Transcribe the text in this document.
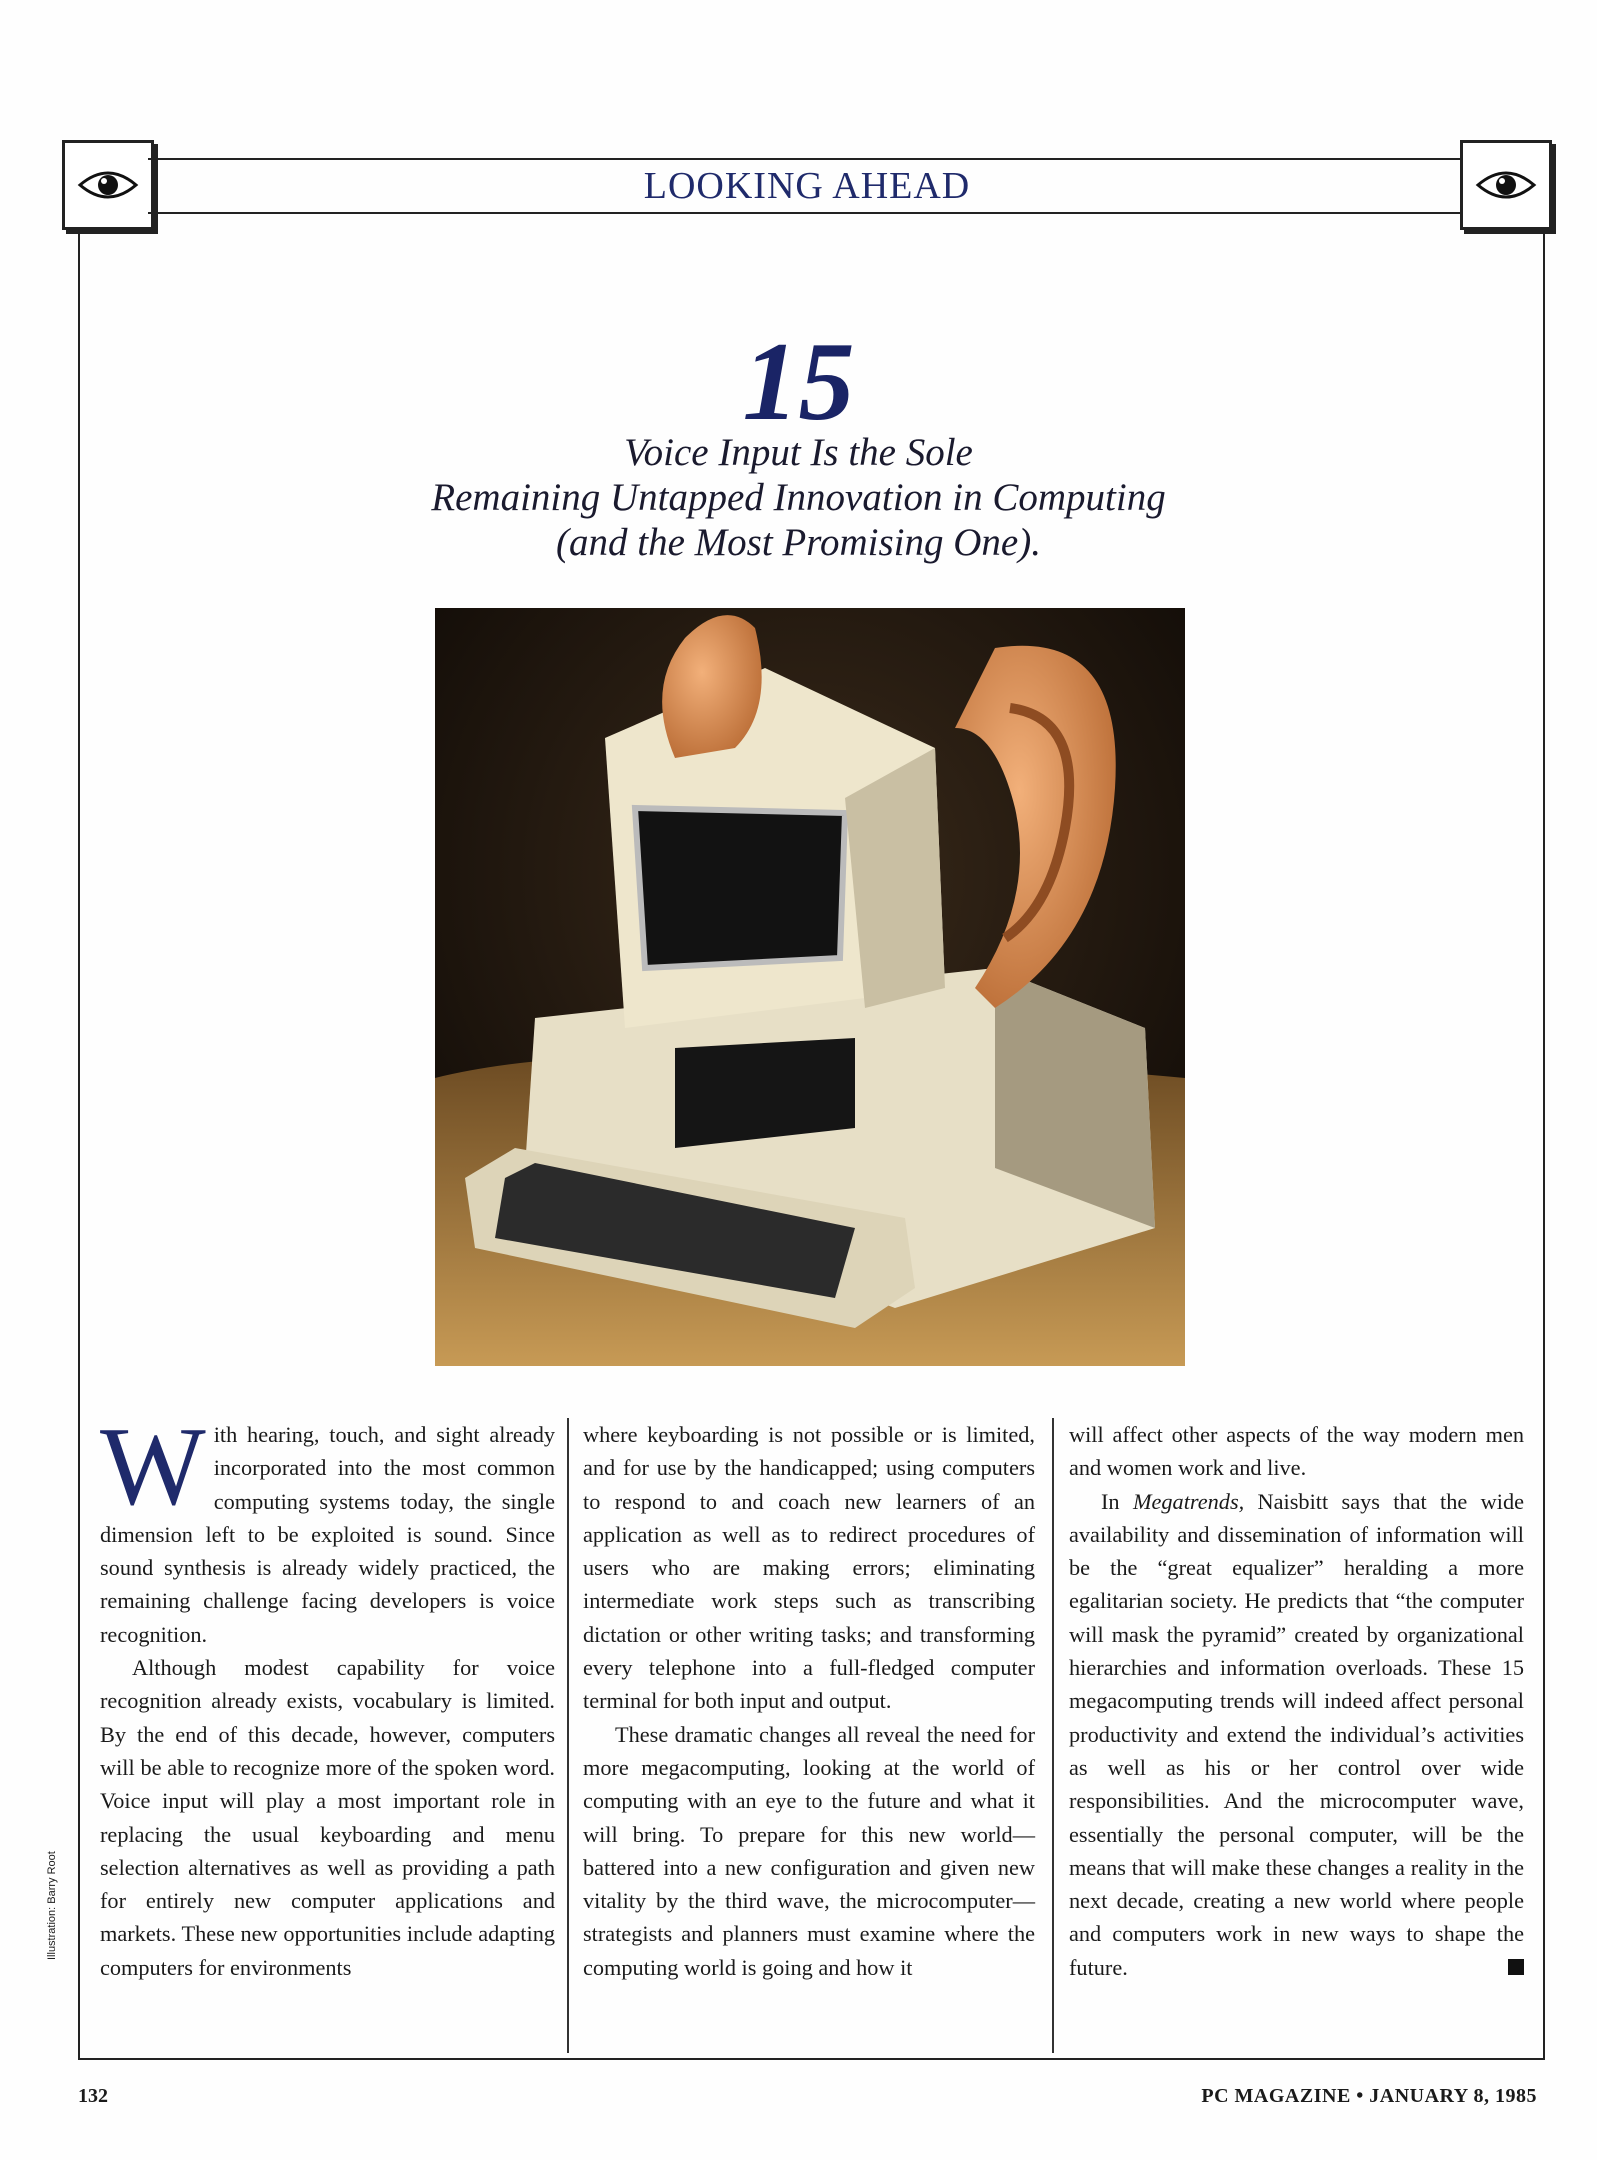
LOOKING AHEAD
15
Voice Input Is the Sole
Remaining Untapped Innovation in Computing
(and the Most Promising One).

With hearing, touch, and sight already incorporated into the most common computing systems today, the single dimension left to be exploited is sound. Since sound synthesis is already widely practiced, the remaining challenge facing developers is voice recognition.

Although modest capability for voice recognition already exists, vocabulary is limited. By the end of this decade, however, computers will be able to recognize more of the spoken word. Voice input will play a most important role in replacing the usual keyboarding and menu selection alternatives as well as providing a path for entirely new computer applications and markets. These new opportunities include adapting computers for environments

where keyboarding is not possible or is limited, and for use by the handicapped; using computers to respond to and coach new learners of an application as well as to redirect procedures of users who are making errors; eliminating intermediate work steps such as transcribing dictation or other writing tasks; and transforming every telephone into a full-fledged computer terminal for both input and output.

These dramatic changes all reveal the need for more megacomputing, looking at the world of computing with an eye to the future and what it will bring. To prepare for this new world—battered into a new configuration and given new vitality by the third wave, the microcomputer—strategists and planners must examine where the computing world is going and how it

will affect other aspects of the way modern men and women work and live.

In Megatrends, Naisbitt says that the wide availability and dissemination of information will be the “great equalizer” heralding a more egalitarian society. He predicts that “the computer will mask the pyramid” created by organizational hierarchies and information overloads. These 15 megacomputing trends will indeed affect personal productivity and extend the individual’s activities as well as his or her control over wide responsibilities. And the microcomputer wave, essentially the personal computer, will be the means that will make these changes a reality in the next decade, creating a new world where people and computers work in new ways to shape the future.

Illustration: Barry Root
132	PC MAGAZINE • JANUARY 8, 1985
